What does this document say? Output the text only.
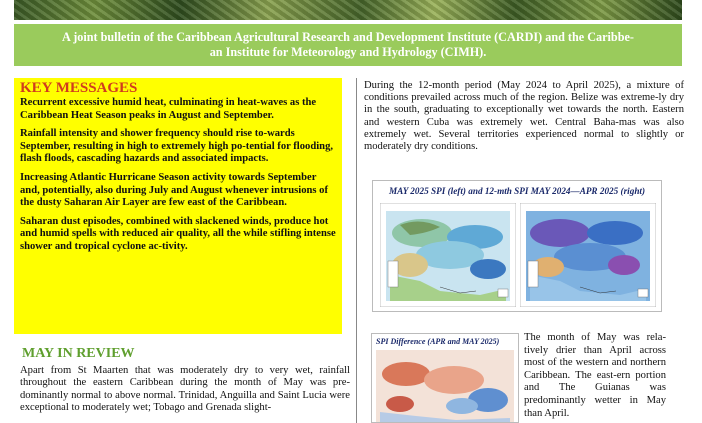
A joint bulletin of the Caribbean Agricultural Research and Development Institute (CARDI) and the Caribbe-
an Institute for Meteorology and Hydrology (CIMH).
KEY MESSAGES

Recurrent excessive humid heat, culminating in heat-waves as the Caribbean Heat Season peaks in August and September.

Rainfall intensity and shower frequency should rise to-wards September, resulting in high to extremely high po-tential for flooding, flash floods, cascading hazards and associated impacts.

Increasing Atlantic Hurricane Season activity towards September and, potentially, also during July and August whenever intrusions of the dusty Saharan Air Layer are few east of the Caribbean.

Saharan dust episodes, combined with slackened winds, produce hot and humid spells with reduced air quality, all the while stifling intense shower and tropical cyclone ac-tivity.

MAY IN REVIEW
Apart from St Maarten that was moderately dry to very wet, rainfall throughout the eastern Caribbean during the month of May was pre-dominantly normal to above normal. Trinidad, Anguilla and Saint Lucia were exceptional to moderately wet; Tobago and Grenada slight-
During the 12-month period (May 2024 to April 2025), a mixture of conditions prevailed across much of the region. Belize was extreme-ly dry in the south, graduating to exceptionally wet towards the north. Eastern and western Cuba was extremely wet. Central Baha-mas was also extremely wet. Several territories experienced normal to slightly or moderately dry conditions.
MAY 2025 SPI (left) and 12-mth SPI MAY 2024—APR 2025 (right)
SPI Difference (APR and MAY 2025) The month of May was rela-tively drier than April across most of the western and northern Caribbean. The east-ern portion and The Guianas was predominantly wetter in May than April.
